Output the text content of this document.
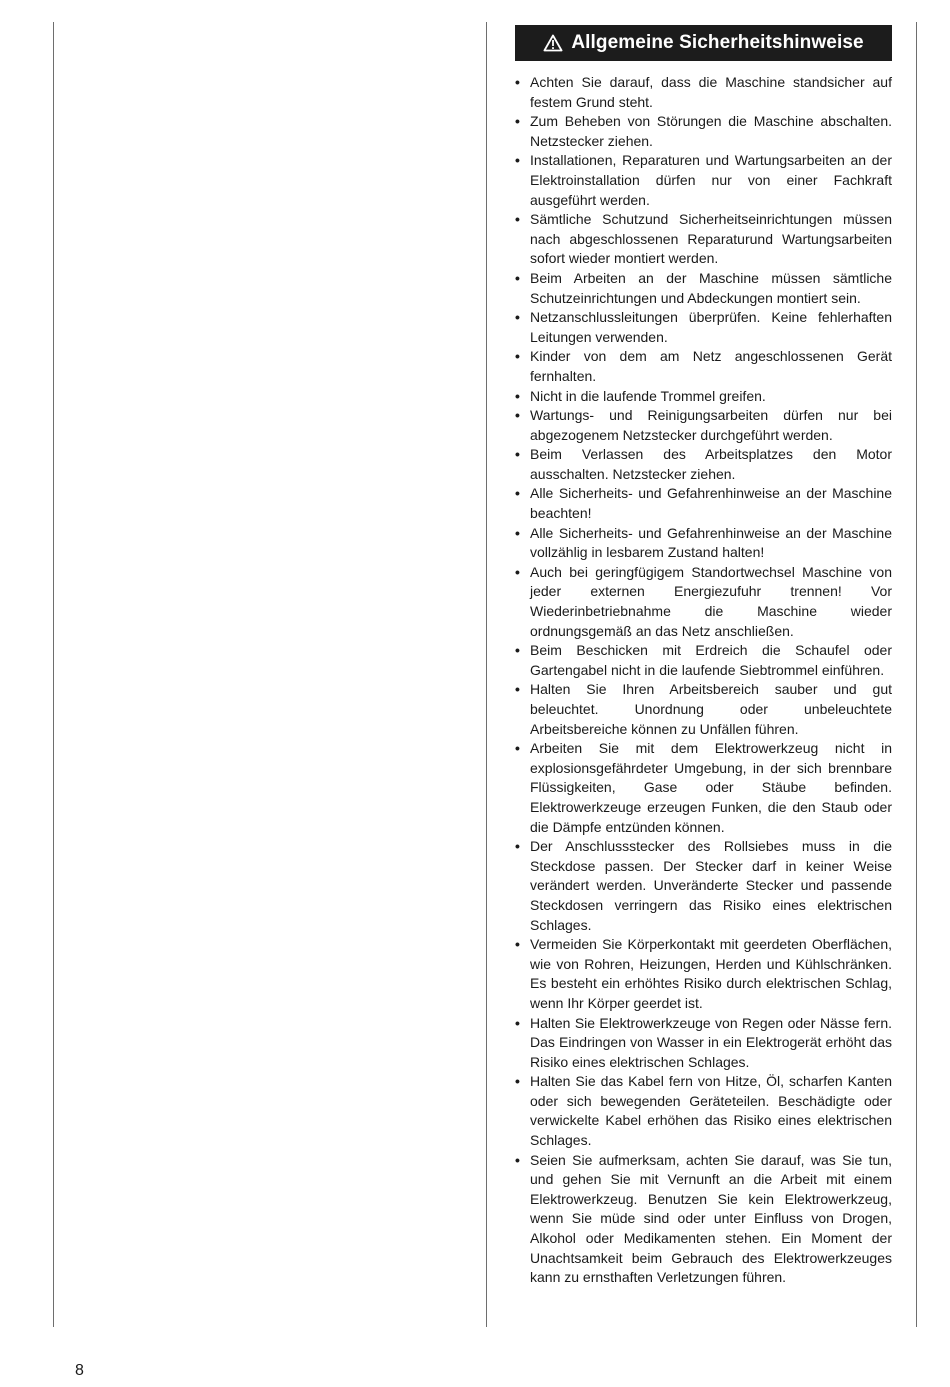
Allgemeine Sicherheitshinweise
• Achten Sie darauf, dass die Maschine standsicher auf festem Grund steht.
• Zum Beheben von Störungen die Maschine abschalten. Netzstecker ziehen.
• Installationen, Reparaturen und Wartungsarbeiten an der Elektroinstallation dürfen nur von einer Fachkraft ausgeführt werden.
• Sämtliche Schutzund Sicherheitseinrichtungen müssen nach abgeschlossenen Reparaturund Wartungsarbeiten sofort wieder montiert werden.
• Beim Arbeiten an der Maschine müssen sämtliche Schutzeinrichtungen und Abdeckungen montiert sein.
• Netzanschlussleitungen überprüfen. Keine fehlerhaften Leitungen verwenden.
• Kinder von dem am Netz angeschlossenen Gerät fernhalten.
• Nicht in die laufende Trommel greifen.
• Wartungs- und Reinigungsarbeiten dürfen nur bei abgezogenem Netzstecker durchgeführt werden.
• Beim Verlassen des Arbeitsplatzes den Motor ausschalten. Netzstecker ziehen.
• Alle Sicherheits- und Gefahrenhinweise an der Maschine beachten!
• Alle Sicherheits- und Gefahrenhinweise an der Maschine vollzählig in lesbarem Zustand halten!
• Auch bei geringfügigem Standortwechsel Maschine von jeder externen Energiezufuhr trennen! Vor Wiederinbetriebnahme die Maschine wieder ordnungsgemäß an das Netz anschließen.
• Beim Beschicken mit Erdreich die Schaufel oder Gartengabel nicht in die laufende Siebtrommel einführen.
• Halten Sie Ihren Arbeitsbereich sauber und gut beleuchtet. Unordnung oder unbeleuchtete Arbeitsbereiche können zu Unfällen führen.
• Arbeiten Sie mit dem Elektrowerkzeug nicht in explosionsgefährdeter Umgebung, in der sich brennbare Flüssigkeiten, Gase oder Stäube befinden. Elektrowerkzeuge erzeugen Funken, die den Staub oder die Dämpfe entzünden können.
• Der Anschlussstecker des Rollsiebes muss in die Steckdose passen. Der Stecker darf in keiner Weise verändert werden. Unveränderte Stecker und passende Steckdosen verringern das Risiko eines elektrischen Schlages.
• Vermeiden Sie Körperkontakt mit geerdeten Oberflächen, wie von Rohren, Heizungen, Herden und Kühlschränken. Es besteht ein erhöhtes Risiko durch elektrischen Schlag, wenn Ihr Körper geerdet ist.
• Halten Sie Elektrowerkzeuge von Regen oder Nässe fern. Das Eindringen von Wasser in ein Elektrogerät erhöht das Risiko eines elektrischen Schlages.
• Halten Sie das Kabel fern von Hitze, Öl, scharfen Kanten oder sich bewegenden Geräteteilen. Beschädigte oder verwickelte Kabel erhöhen das Risiko eines elektrischen Schlages.
• Seien Sie aufmerksam, achten Sie darauf, was Sie tun, und gehen Sie mit Vernunft an die Arbeit mit einem Elektrowerkzeug. Benutzen Sie kein Elektrowerkzeug, wenn Sie müde sind oder unter Einfluss von Drogen, Alkohol oder Medikamenten stehen. Ein Moment der Unachtsamkeit beim Gebrauch des Elektrowerkzeuges kann zu ernsthaften Verletzungen führen.
8
